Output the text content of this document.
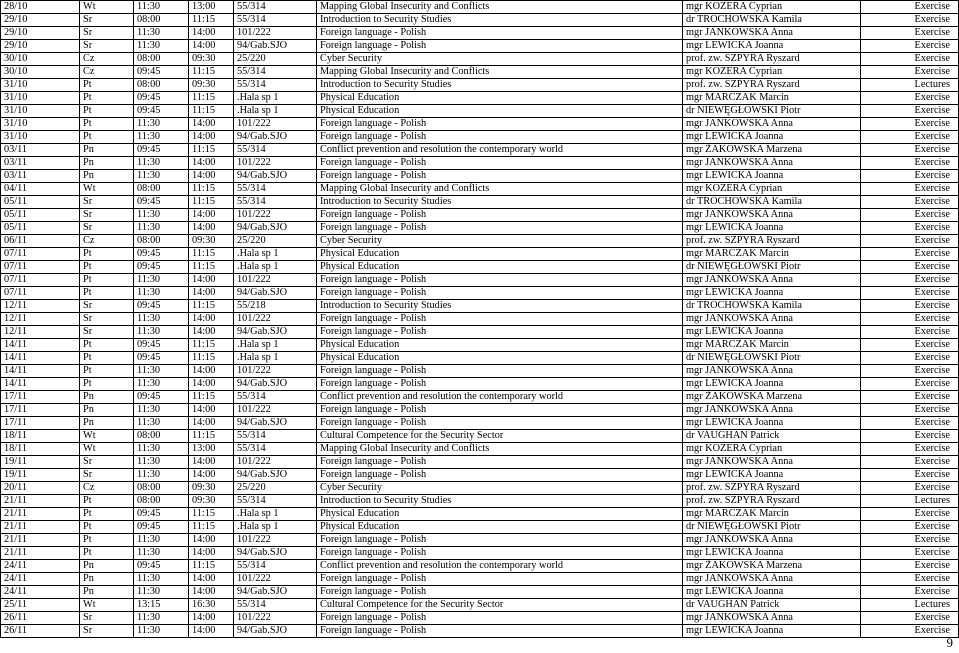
28/10	Wt	11:30	13:00	55/314	Mapping Global Insecurity and Conflicts	mgr KOZERA Cyprian	Exercise
29/10	Śr	08:00	11:15	55/314	Introduction to Security Studies	dr TROCHOWSKA Kamila	Exercise
29/10	Śr	11:30	14:00	101/222	Foreign language - Polish	mgr JANKOWSKA Anna	Exercise
29/10	Śr	11:30	14:00	94/Gab.SJO	Foreign language - Polish	mgr LEWICKA Joanna	Exercise
30/10	Cz	08:00	09:30	25/220	Cyber Security	prof. zw. SZPYRA Ryszard	Exercise
30/10	Cz	09:45	11:15	55/314	Mapping Global Insecurity and Conflicts	mgr KOZERA Cyprian	Exercise
31/10	Pt	08:00	09:30	55/314	Introduction to Security Studies	prof. zw. SZPYRA Ryszard	Lectures
31/10	Pt	09:45	11:15	.Hala sp 1	Physical Education	mgr MARCZAK Marcin	Exercise
31/10	Pt	09:45	11:15	.Hala sp 1	Physical Education	dr NIEWĘGŁOWSKI Piotr	Exercise
31/10	Pt	11:30	14:00	101/222	Foreign language - Polish	mgr JANKOWSKA Anna	Exercise
31/10	Pt	11:30	14:00	94/Gab.SJO	Foreign language - Polish	mgr LEWICKA Joanna	Exercise
03/11	Pn	09:45	11:15	55/314	Conflict prevention and resolution the contemporary world	mgr ŻAKOWSKA Marzena	Exercise
03/11	Pn	11:30	14:00	101/222	Foreign language - Polish	mgr JANKOWSKA Anna	Exercise
03/11	Pn	11:30	14:00	94/Gab.SJO	Foreign language - Polish	mgr LEWICKA Joanna	Exercise
04/11	Wt	08:00	11:15	55/314	Mapping Global Insecurity and Conflicts	mgr KOZERA Cyprian	Exercise
05/11	Śr	09:45	11:15	55/314	Introduction to Security Studies	dr TROCHOWSKA Kamila	Exercise
05/11	Śr	11:30	14:00	101/222	Foreign language - Polish	mgr JANKOWSKA Anna	Exercise
05/11	Śr	11:30	14:00	94/Gab.SJO	Foreign language - Polish	mgr LEWICKA Joanna	Exercise
06/11	Cz	08:00	09:30	25/220	Cyber Security	prof. zw. SZPYRA Ryszard	Exercise
07/11	Pt	09:45	11:15	.Hala sp 1	Physical Education	mgr MARCZAK Marcin	Exercise
07/11	Pt	09:45	11:15	.Hala sp 1	Physical Education	dr NIEWĘGŁOWSKI Piotr	Exercise
07/11	Pt	11:30	14:00	101/222	Foreign language - Polish	mgr JANKOWSKA Anna	Exercise
07/11	Pt	11:30	14:00	94/Gab.SJO	Foreign language - Polish	mgr LEWICKA Joanna	Exercise
12/11	Śr	09:45	11:15	55/218	Introduction to Security Studies	dr TROCHOWSKA Kamila	Exercise
12/11	Śr	11:30	14:00	101/222	Foreign language - Polish	mgr JANKOWSKA Anna	Exercise
12/11	Śr	11:30	14:00	94/Gab.SJO	Foreign language - Polish	mgr LEWICKA Joanna	Exercise
14/11	Pt	09:45	11:15	.Hala sp 1	Physical Education	mgr MARCZAK Marcin	Exercise
14/11	Pt	09:45	11:15	.Hala sp 1	Physical Education	dr NIEWĘGŁOWSKI Piotr	Exercise
14/11	Pt	11:30	14:00	101/222	Foreign language - Polish	mgr JANKOWSKA Anna	Exercise
14/11	Pt	11:30	14:00	94/Gab.SJO	Foreign language - Polish	mgr LEWICKA Joanna	Exercise
17/11	Pn	09:45	11:15	55/314	Conflict prevention and resolution the contemporary world	mgr ŻAKOWSKA Marzena	Exercise
17/11	Pn	11:30	14:00	101/222	Foreign language - Polish	mgr JANKOWSKA Anna	Exercise
17/11	Pn	11:30	14:00	94/Gab.SJO	Foreign language - Polish	mgr LEWICKA Joanna	Exercise
18/11	Wt	08:00	11:15	55/314	Cultural Competence for the Security Sector	dr VAUGHAN Patrick	Exercise
18/11	Wt	11:30	13:00	55/314	Mapping Global Insecurity and Conflicts	mgr KOZERA Cyprian	Exercise
19/11	Śr	11:30	14:00	101/222	Foreign language - Polish	mgr JANKOWSKA Anna	Exercise
19/11	Śr	11:30	14:00	94/Gab.SJO	Foreign language - Polish	mgr LEWICKA Joanna	Exercise
20/11	Cz	08:00	09:30	25/220	Cyber Security	prof. zw. SZPYRA Ryszard	Exercise
21/11	Pt	08:00	09:30	55/314	Introduction to Security Studies	prof. zw. SZPYRA Ryszard	Lectures
21/11	Pt	09:45	11:15	.Hala sp 1	Physical Education	mgr MARCZAK Marcin	Exercise
21/11	Pt	09:45	11:15	.Hala sp 1	Physical Education	dr NIEWĘGŁOWSKI Piotr	Exercise
21/11	Pt	11:30	14:00	101/222	Foreign language - Polish	mgr JANKOWSKA Anna	Exercise
21/11	Pt	11:30	14:00	94/Gab.SJO	Foreign language - Polish	mgr LEWICKA Joanna	Exercise
24/11	Pn	09:45	11:15	55/314	Conflict prevention and resolution the contemporary world	mgr ŻAKOWSKA Marzena	Exercise
24/11	Pn	11:30	14:00	101/222	Foreign language - Polish	mgr JANKOWSKA Anna	Exercise
24/11	Pn	11:30	14:00	94/Gab.SJO	Foreign language - Polish	mgr LEWICKA Joanna	Exercise
25/11	Wt	13:15	16:30	55/314	Cultural Competence for the Security Sector	dr VAUGHAN Patrick	Lectures
26/11	Śr	11:30	14:00	101/222	Foreign language - Polish	mgr JANKOWSKA Anna	Exercise
26/11	Śr	11:30	14:00	94/Gab.SJO	Foreign language - Polish	mgr LEWICKA Joanna	Exercise
9
